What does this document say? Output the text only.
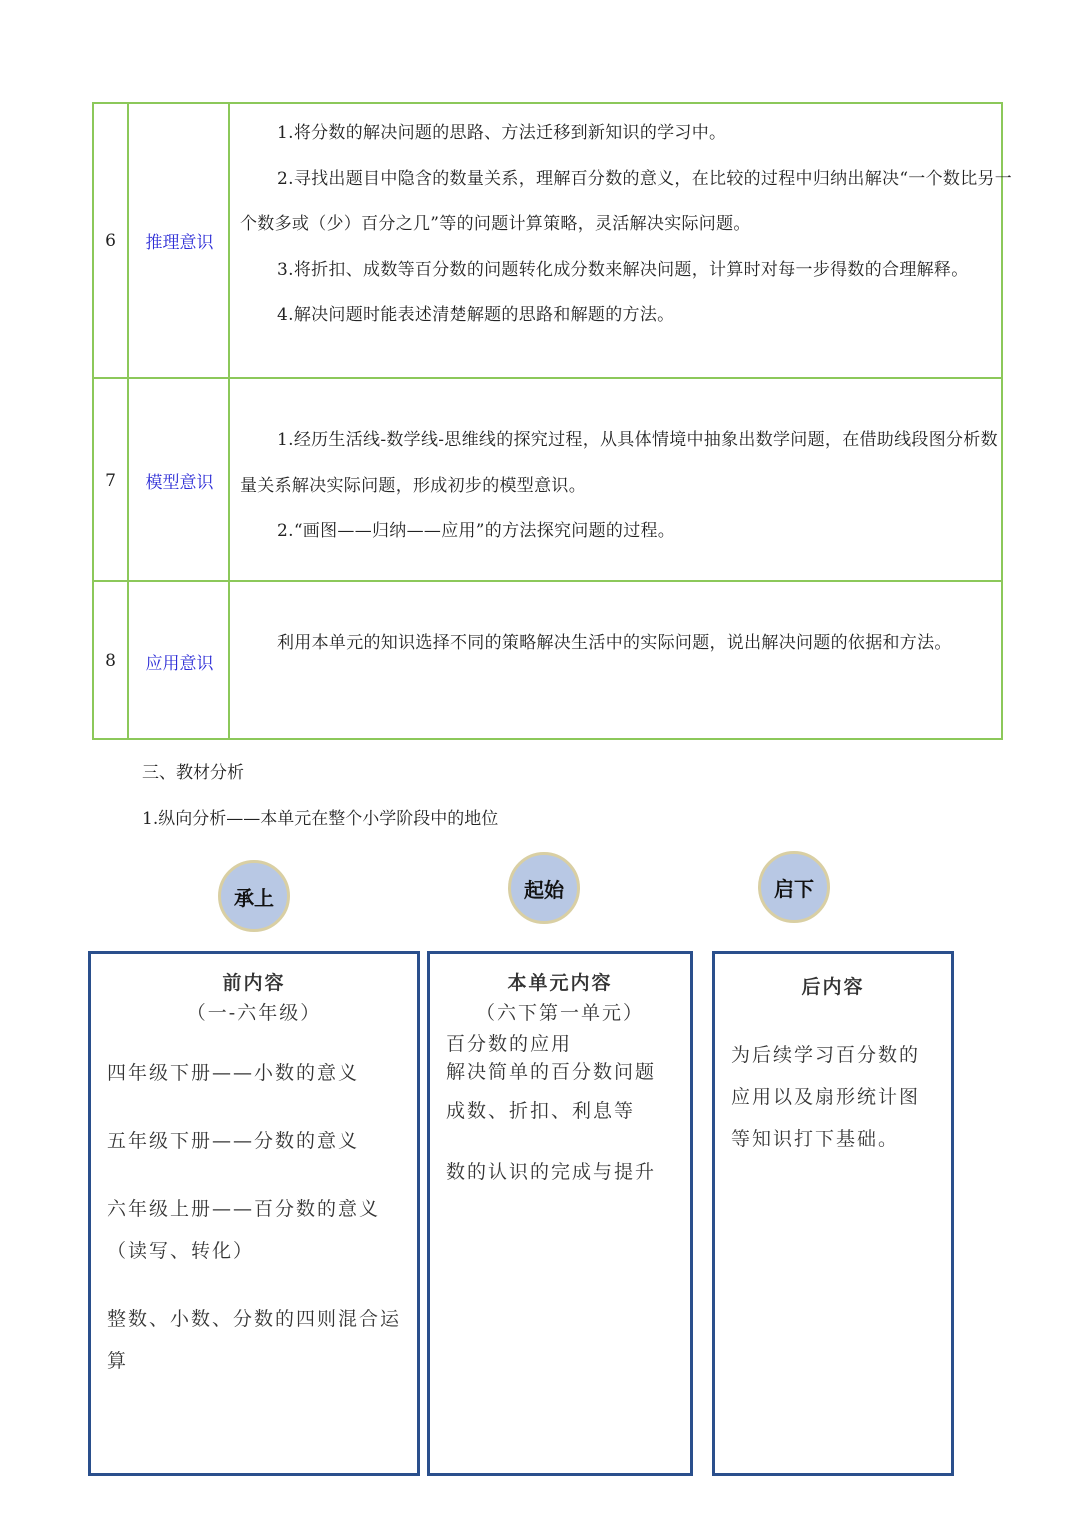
6	推理意识

1.将分数的解决问题的思路、方法迁移到新知识的学习中。

2.寻找出题目中隐含的数量关系，理解百分数的意义，在比较的过程中归纳出解决“一个数比另一个数多或（少）百分之几”等的问题计算策略，灵活解决实际问题。

3.将折扣、成数等百分数的问题转化成分数来解决问题，计算时对每一步得数的合理解释。

4.解决问题时能表述清楚解题的思路和解题的方法。

7	模型意识

1.经历生活线-数学线-思维线的探究过程，从具体情境中抽象出数学问题，在借助线段图分析数量关系解决实际问题，形成初步的模型意识。

2.“画图——归纳——应用”的方法探究问题的过程。

8	应用意识

利用本单元的知识选择不同的策略解决生活中的实际问题，说出解决问题的依据和方法。

三、教材分析
1.纵向分析——本单元在整个小学阶段中的地位
承上	起始	启下
前内容
（一-六年级）
四年级下册——小数的意义
五年级下册——分数的意义
六年级上册——百分数的意义
（读写、转化）
整数、小数、分数的四则混合运
算
本单元内容
（六下第一单元）
百分数的应用
解决简单的百分数问题
成数、折扣、利息等
数的认识的完成与提升
后内容
为后续学习百分数的
应用以及扇形统计图
等知识打下基础。
